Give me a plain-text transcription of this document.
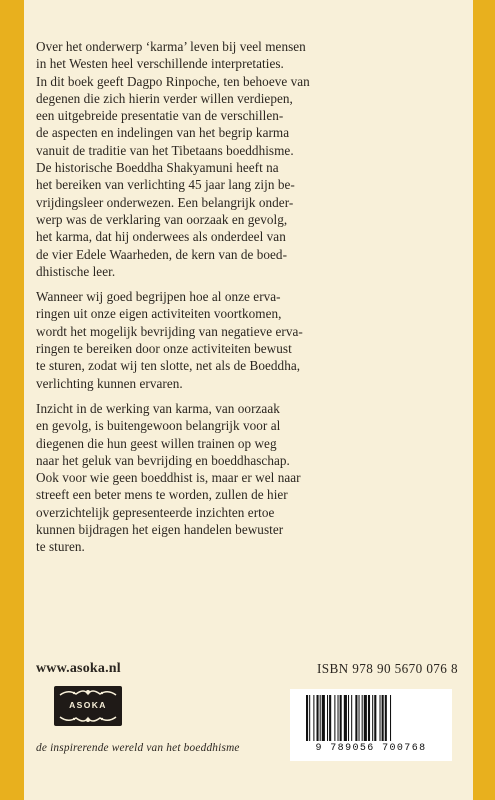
Over het onderwerp ‘karma’ leven bij veel mensen
in het Westen heel verschillende interpretaties.
In dit boek geeft Dagpo Rinpoche, ten behoeve van
degenen die zich hierin verder willen verdiepen,
een uitgebreide presentatie van de verschillen-
de aspecten en indelingen van het begrip karma
vanuit de traditie van het Tibetaans boeddhisme.
De historische Boeddha Shakyamuni heeft na
het bereiken van verlichting 45 jaar lang zijn be-
vrijdingsleer onderwezen. Een belangrijk onder-
werp was de verklaring van oorzaak en gevolg,
het karma, dat hij onderwees als onderdeel van
de vier Edele Waarheden, de kern van de boed-
dhistische leer.

Wanneer wij goed begrijpen hoe al onze erva-
ringen uit onze eigen activiteiten voortkomen,
wordt het mogelijk bevrijding van negatieve erva-
ringen te bereiken door onze activiteiten bewust
te sturen, zodat wij ten slotte, net als de Boeddha,
verlichting kunnen ervaren.

Inzicht in de werking van karma, van oorzaak
en gevolg, is buitengewoon belangrijk voor al
diegenen die hun geest willen trainen op weg
naar het geluk van bevrijding en boeddhaschap.
Ook voor wie geen boeddhist is, maar er wel naar
streeft een beter mens te worden, zullen de hier
overzichtelijk gepresenteerde inzichten ertoe
kunnen bijdragen het eigen handelen bewuster
te sturen.

www.asoka.nl	ISBN 978 90 5670 076 8
ASOKA
de inspirerende wereld van het boeddhisme	9 789056 700768
